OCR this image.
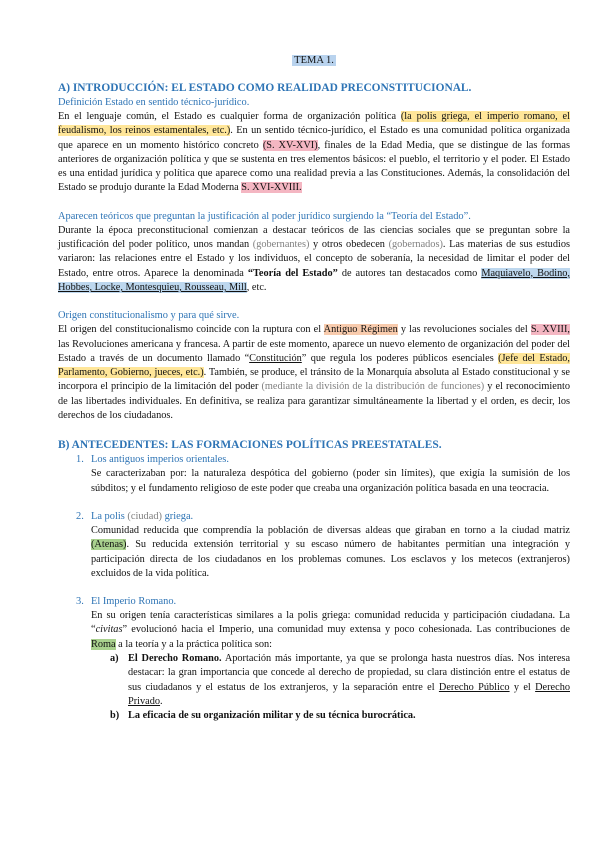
TEMA 1.
A) INTRODUCCIÓN: EL ESTADO COMO REALIDAD PRECONSTITUCIONAL.
Definición Estado en sentido técnico-jurídico.

En el lenguaje común, el Estado es cualquier forma de organización política (la polis griega, el imperio romano, el feudalismo, los reinos estamentales, etc.). En un sentido técnico-jurídico, el Estado es una comunidad política organizada que aparece en un momento histórico concreto (S. XV-XVI), finales de la Edad Media, que se distingue de las formas anteriores de organización política y que se sustenta en tres elementos básicos: el pueblo, el territorio y el poder. El Estado es una entidad jurídica y política que aparece como una realidad previa a las Constituciones. Además, la consolidación del Estado se produjo durante la Edad Moderna S. XVI-XVIII.

Aparecen teóricos que preguntan la justificación al poder jurídico surgiendo la “Teoría del Estado”.

Durante la época preconstitucional comienzan a destacar teóricos de las ciencias sociales que se preguntan sobre la justificación del poder político, unos mandan (gobernantes) y otros obedecen (gobernados). Las materias de sus estudios variaron: las relaciones entre el Estado y los individuos, el concepto de soberanía, la necesidad de limitar el poder del Estado, entre otros. Aparece la denominada “Teoría del Estado” de autores tan destacados como Maquiavelo, Bodino, Hobbes, Locke, Montesquieu, Rousseau, Mill, etc.

Origen constitucionalismo y para qué sirve.

El origen del constitucionalismo coincide con la ruptura con el Antiguo Régimen y las revoluciones sociales del S. XVIII, las Revoluciones americana y francesa. A partir de este momento, aparece un nuevo elemento de organización del poder del Estado a través de un documento llamado “Constitución” que regula los poderes públicos esenciales (Jefe del Estado, Parlamento, Gobierno, jueces, etc.). También, se produce, el tránsito de la Monarquía absoluta al Estado constitucional y se incorpora el principio de la limitación del poder (mediante la división de la distribución de funciones) y el reconocimiento de las libertades individuales. En definitiva, se realiza para garantizar simultáneamente la libertad y el orden, es decir, los derechos de los ciudadanos.

B) ANTECEDENTES: LAS FORMACIONES POLÍTICAS PREESTATALES.
1. Los antiguos imperios orientales.

Se caracterizaban por: la naturaleza despótica del gobierno (poder sin límites), que exigía la sumisión de los súbditos; y el fundamento religioso de este poder que creaba una organización política basada en una teocracia.

2. La polis (ciudad) griega.

Comunidad reducida que comprendía la población de diversas aldeas que giraban en torno a la ciudad matriz (Atenas). Su reducida extensión territorial y su escaso número de habitantes permitían una integración y participación directa de los ciudadanos en los problemas comunes. Los esclavos y los metecos (extranjeros) excluidos de la vida política.

3. El Imperio Romano.

En su origen tenía características similares a la polis griega: comunidad reducida y participación ciudadana. La “civitas” evolucionó hacia el Imperio, una comunidad muy extensa y poco cohesionada. Las contribuciones de Roma a la teoría y a la práctica política son:

a) El Derecho Romano. Aportación más importante, ya que se prolonga hasta nuestros días. Nos interesa destacar: la gran importancia que concede al derecho de propiedad, su clara distinción entre el estatus de sus ciudadanos y el estatus de los extranjeros, y la separación entre el Derecho Público y el Derecho Privado.

b) La eficacia de su organización militar y de su técnica burocrática.
